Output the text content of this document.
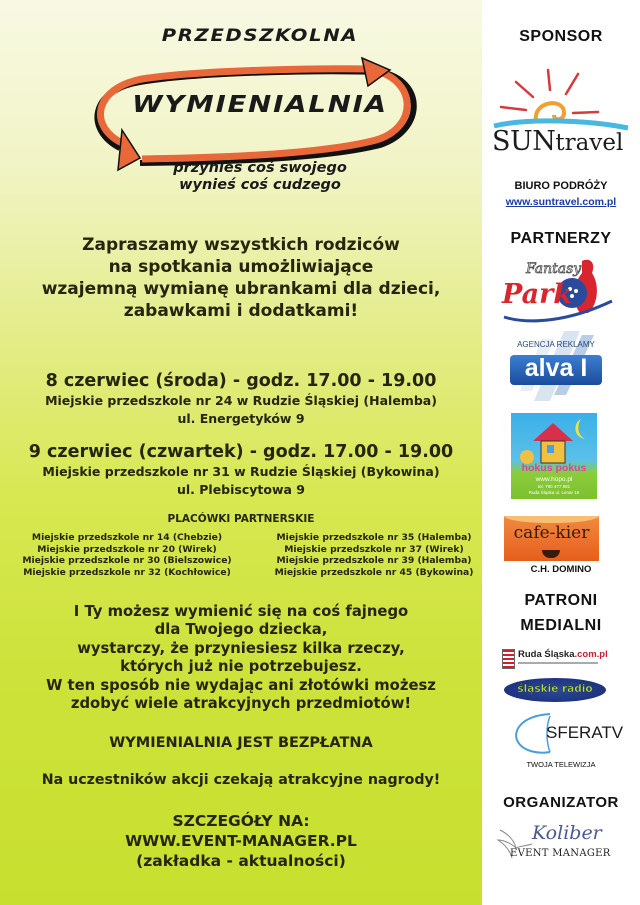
PRZEDSZKOLNA
WYMIENIALNIA
przynieś coś swojego
wynieś coś cudzego
Zapraszamy wszystkich rodziców
na spotkania umożliwiające
wzajemną wymianę ubrankami dla dzieci,
zabawkami i dodatkami!
8 czerwiec (środa) - godz. 17.00 - 19.00
Miejskie przedszkole nr 24 w Rudzie Śląskiej (Halemba)
ul. Energetyków 9
9 czerwiec (czwartek) - godz. 17.00 - 19.00
Miejskie przedszkole nr 31 w Rudzie Śląskiej (Bykowina)
ul. Plebiscytowa 9
PLACÓWKI PARTNERSKIE
Miejskie przedszkole nr 14 (Chebzie)
Miejskie przedszkole nr 20 (Wirek)
Miejskie przedszkole nr 30 (Bielszowice)
Miejskie przedszkole nr 32 (Kochłowice)
Miejskie przedszkole nr 35 (Halemba)
Miejskie przedszkole nr 37 (Wirek)
Miejskie przedszkole nr 39 (Halemba)
Miejskie przedszkole nr 45 (Bykowina)
I Ty możesz wymienić się na coś fajnego
dla Twojego dziecka,
wystarczy, że przyniesiesz kilka rzeczy,
których już nie potrzebujesz.
W ten sposób nie wydając ani złotówki możesz
zdobyć wiele atrakcyjnych przedmiotów!
WYMIENIALNIA JEST BEZPŁATNA
Na uczestników akcji czekają atrakcyjne nagrody!
SZCZEGÓŁY NA:
WWW.EVENT-MANAGER.PL
(zakładka - aktualności)
SPONSOR
SUNtravel
BIURO PODRÓŻY
www.suntravel.com.pl
PARTNERZY
Fantasy
Park
AGENCJA REKLAMY
alva I
hokus pokus
www.hopo.pl
tel. 790 477 881
Ruda Śląska ul. Lenar 16
cafe-kier
C.H. DOMINO
PATRONI
MEDIALNI
Ruda Śląska.com.pl
śląskie radio
SFERATV
TWOJA TELEWIZJA
ORGANIZATOR
Koliber
EVENT MANAGER
